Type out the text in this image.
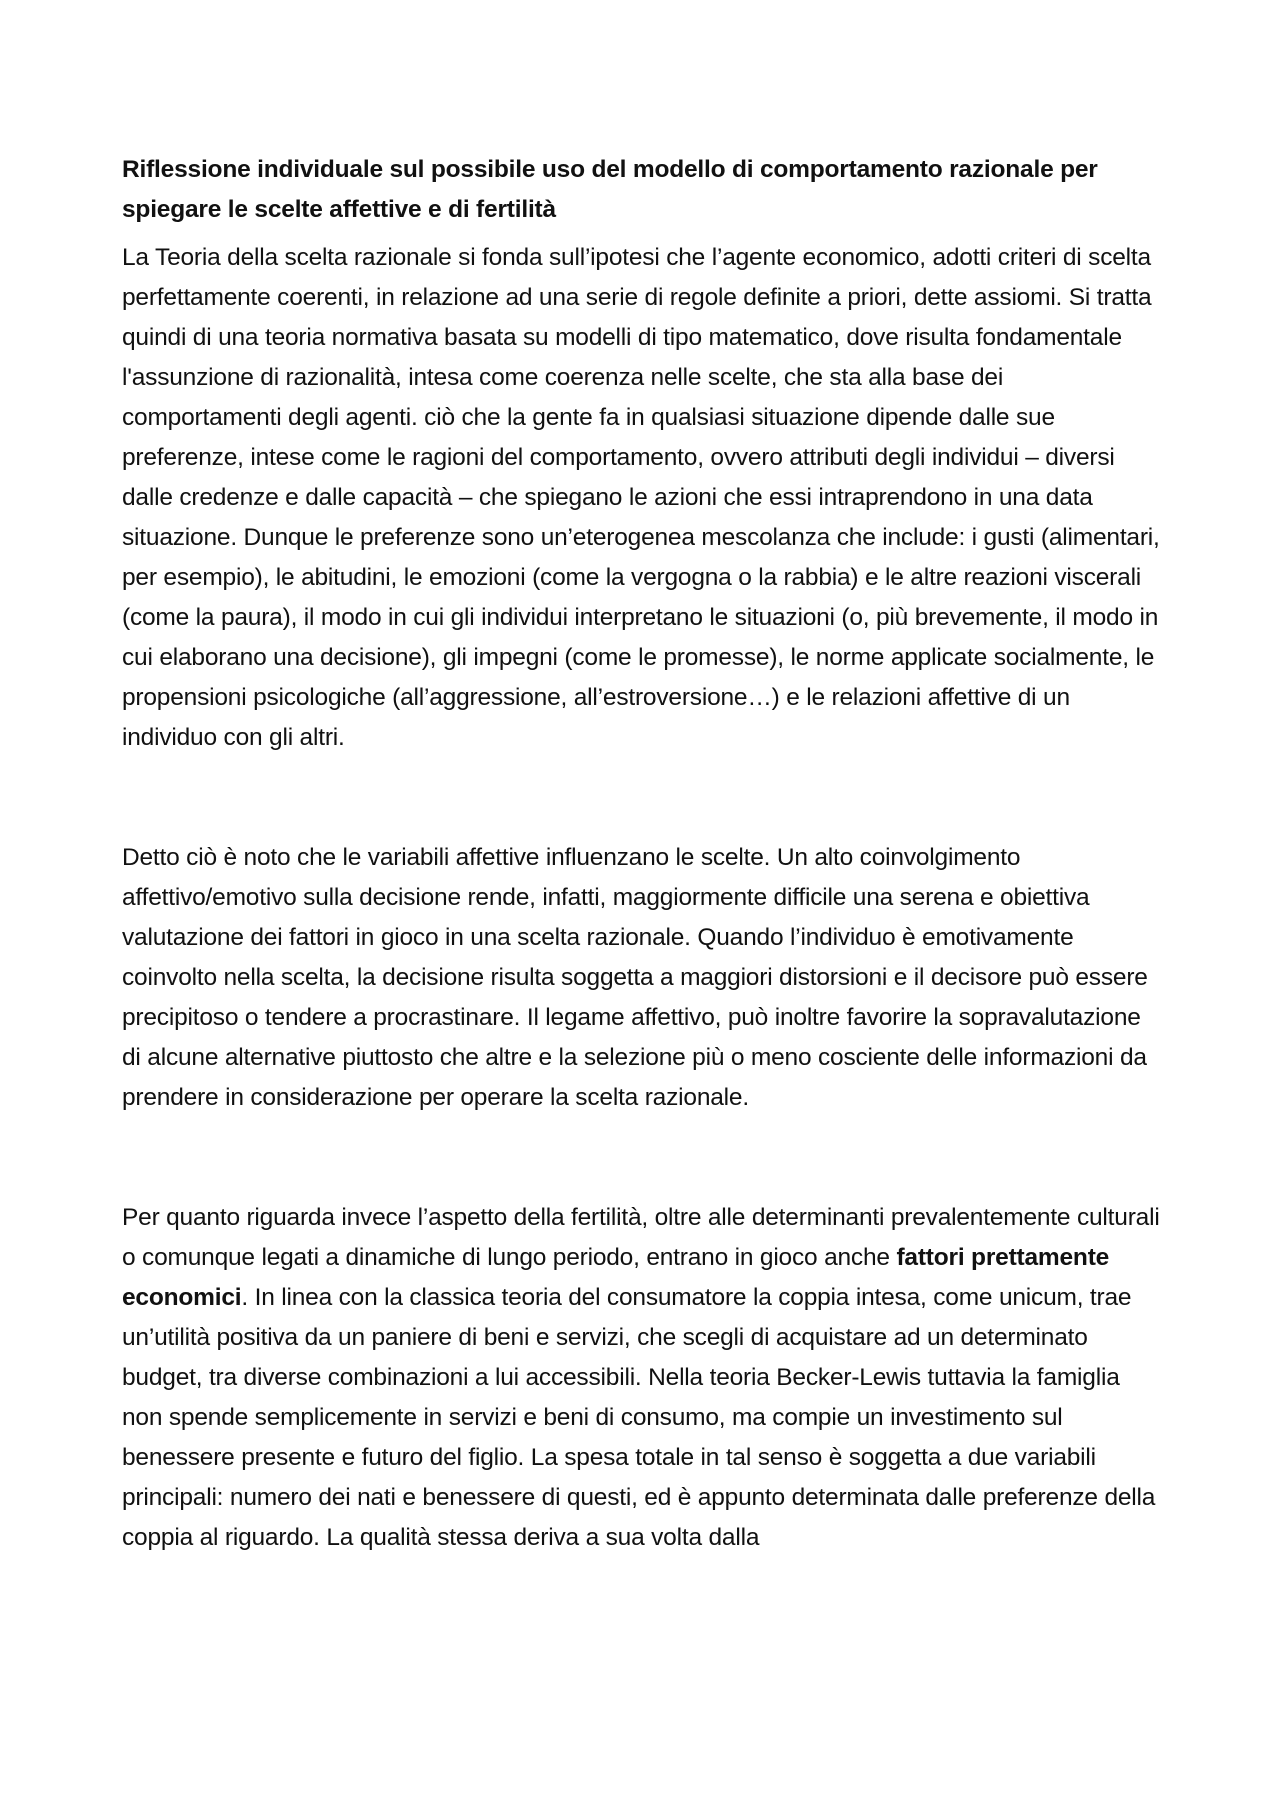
Riflessione individuale sul possibile uso del modello di comportamento razionale per spiegare le scelte affettive e di fertilità

La Teoria della scelta razionale si fonda sull’ipotesi che l’agente economico, adotti criteri di scelta perfettamente coerenti, in relazione ad una serie di regole definite a priori, dette assiomi. Si tratta quindi di una teoria normativa basata su modelli di tipo matematico, dove risulta fondamentale l'assunzione di razionalità, intesa come coerenza nelle scelte, che sta alla base dei comportamenti degli agenti. ciò che la gente fa in qualsiasi situazione dipende dalle sue preferenze, intese come le ragioni del comportamento, ovvero attributi degli individui – diversi dalle credenze e dalle capacità – che spiegano le azioni che essi intraprendono in una data situazione. Dunque le preferenze sono un’eterogenea mescolanza che include: i gusti (alimentari, per esempio), le abitudini, le emozioni (come la vergogna o la rabbia) e le altre reazioni viscerali (come la paura), il modo in cui gli individui interpretano le situazioni (o, più brevemente, il modo in cui elaborano una decisione), gli impegni (come le promesse), le norme applicate socialmente, le propensioni psicologiche (all’aggressione, all’estroversione…) e le relazioni affettive di un individuo con gli altri.

Detto ciò è noto che le variabili affettive influenzano le scelte. Un alto coinvolgimento affettivo/emotivo sulla decisione rende, infatti, maggiormente difficile una serena e obiettiva valutazione dei fattori in gioco in una scelta razionale. Quando l’individuo è emotivamente coinvolto nella scelta, la decisione risulta soggetta a maggiori distorsioni e il decisore può essere precipitoso o tendere a procrastinare. Il legame affettivo, può inoltre favorire la sopravalutazione di alcune alternative piuttosto che altre e la selezione più o meno cosciente delle informazioni da prendere in considerazione per operare la scelta razionale.

Per quanto riguarda invece l’aspetto della fertilità, oltre alle determinanti prevalentemente culturali o comunque legati a dinamiche di lungo periodo, entrano in gioco anche fattori prettamente economici. In linea con la classica teoria del consumatore la coppia intesa, come unicum, trae un’utilità positiva da un paniere di beni e servizi, che scegli di acquistare ad un determinato budget, tra diverse combinazioni a lui accessibili. Nella teoria Becker-Lewis tuttavia la famiglia non spende semplicemente in servizi e beni di consumo, ma compie un investimento sul benessere presente e futuro del figlio. La spesa totale in tal senso è soggetta a due variabili principali: numero dei nati e benessere di questi, ed è appunto determinata dalle preferenze della coppia al riguardo. La qualità stessa deriva a sua volta dalla
